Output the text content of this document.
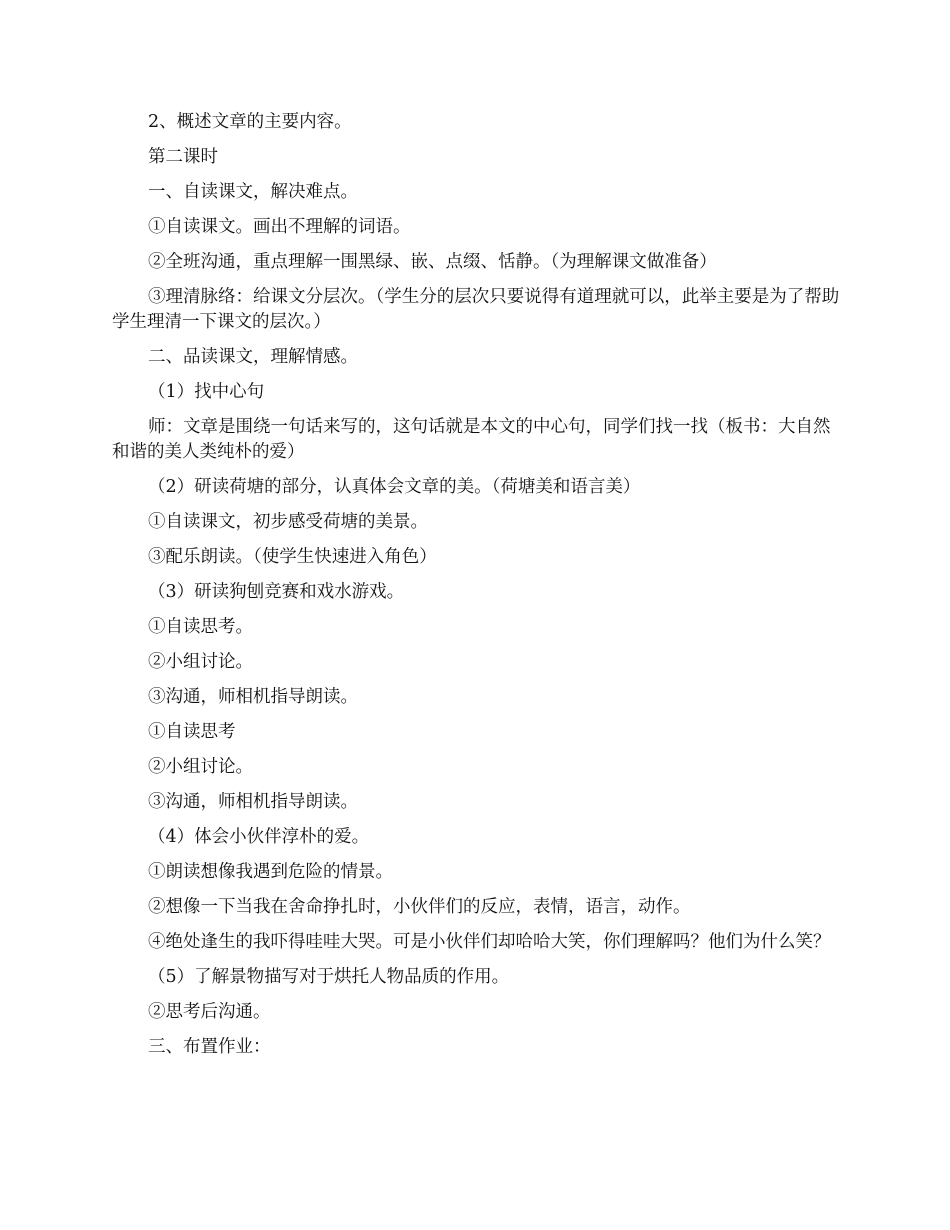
2、概述文章的主要内容。

第二课时

一、自读课文，解决难点。

①自读课文。画出不理解的词语。

②全班沟通，重点理解一围黑绿、嵌、点缀、恬静。（为理解课文做准备）

③理清脉络：给课文分层次。（学生分的层次只要说得有道理就可以，此举主要是为了帮助学生理清一下课文的层次。）

二、品读课文，理解情感。

（1）找中心句

师：文章是围绕一句话来写的，这句话就是本文的中心句，同学们找一找（板书：大自然和谐的美人类纯朴的爱）

（2）研读荷塘的部分，认真体会文章的美。（荷塘美和语言美）

①自读课文，初步感受荷塘的美景。

③配乐朗读。（使学生快速进入角色）

（3）研读狗刨竞赛和戏水游戏。

①自读思考。

②小组讨论。

③沟通，师相机指导朗读。

①自读思考

②小组讨论。

③沟通，师相机指导朗读。

（4）体会小伙伴淳朴的爱。

①朗读想像我遇到危险的情景。

②想像一下当我在舍命挣扎时，小伙伴们的反应，表情，语言，动作。

④绝处逢生的我吓得哇哇大哭。可是小伙伴们却哈哈大笑，你们理解吗？他们为什么笑？

（5）了解景物描写对于烘托人物品质的作用。

②思考后沟通。

三、布置作业：
